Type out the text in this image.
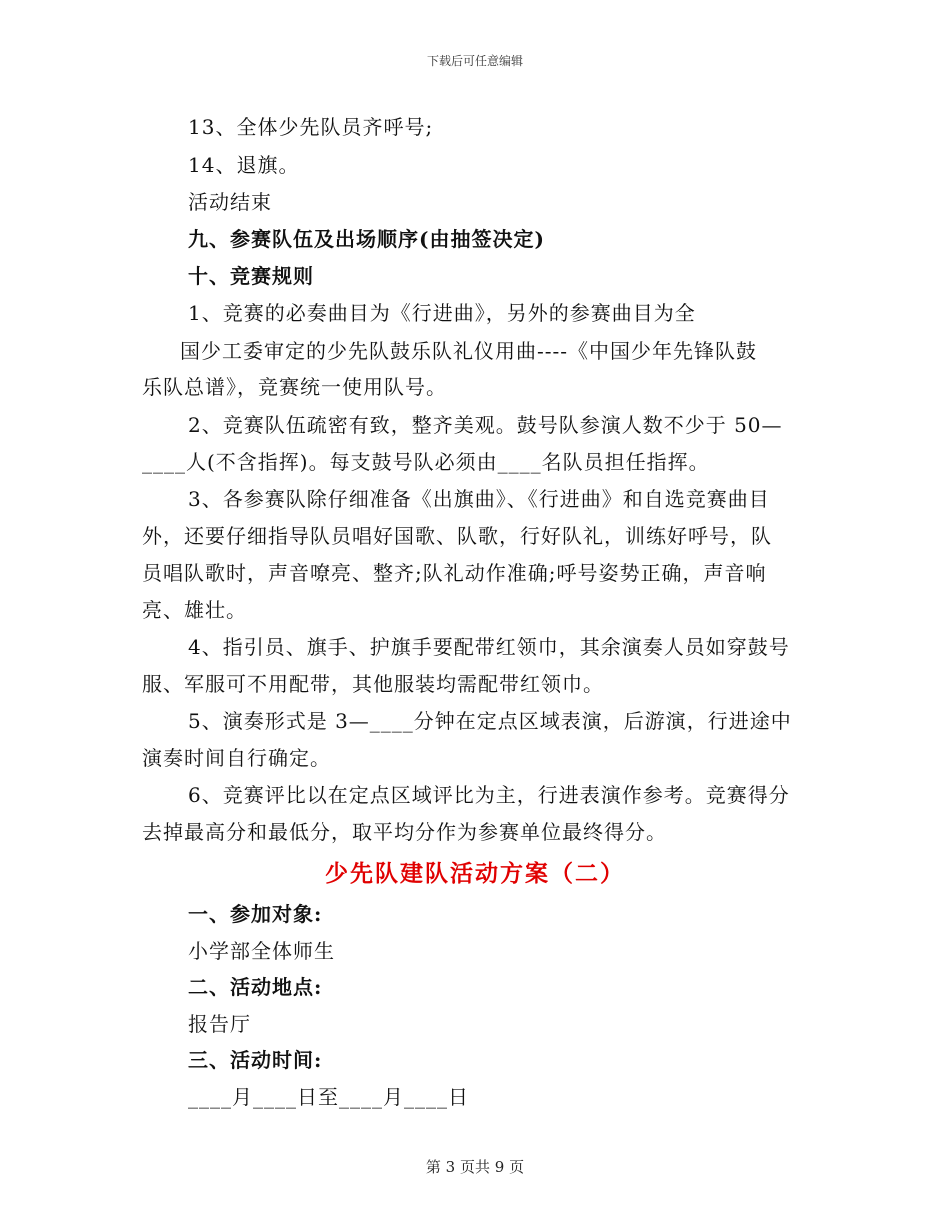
下载后可任意编辑
13、全体少先队员齐呼号;
14、退旗。
活动结束
九、参赛队伍及出场顺序(由抽签决定)
十、竞赛规则
1、竞赛的必奏曲目为《行进曲》，另外的参赛曲目为全
国少工委审定的少先队鼓乐队礼仪用曲----《中国少年先锋队鼓
乐队总谱》，竞赛统一使用队号。
2、竞赛队伍疏密有致，整齐美观。鼓号队参演人数不少于 50—
____人(不含指挥)。每支鼓号队必须由____名队员担任指挥。
3、各参赛队除仔细准备《出旗曲》、《行进曲》和自选竞赛曲目
外，还要仔细指导队员唱好国歌、队歌，行好队礼，训练好呼号，队
员唱队歌时，声音嘹亮、整齐;队礼动作准确;呼号姿势正确，声音响
亮、雄壮。
4、指引员、旗手、护旗手要配带红领巾，其余演奏人员如穿鼓号
服、军服可不用配带，其他服装均需配带红领巾。
5、演奏形式是 3—____分钟在定点区域表演，后游演，行进途中
演奏时间自行确定。
6、竞赛评比以在定点区域评比为主，行进表演作参考。竞赛得分
去掉最高分和最低分，取平均分作为参赛单位最终得分。
少先队建队活动方案（二）
一、参加对象:
小学部全体师生
二、活动地点:
报告厅
三、活动时间:
____月____日至____月____日
第 3 页共 9 页
